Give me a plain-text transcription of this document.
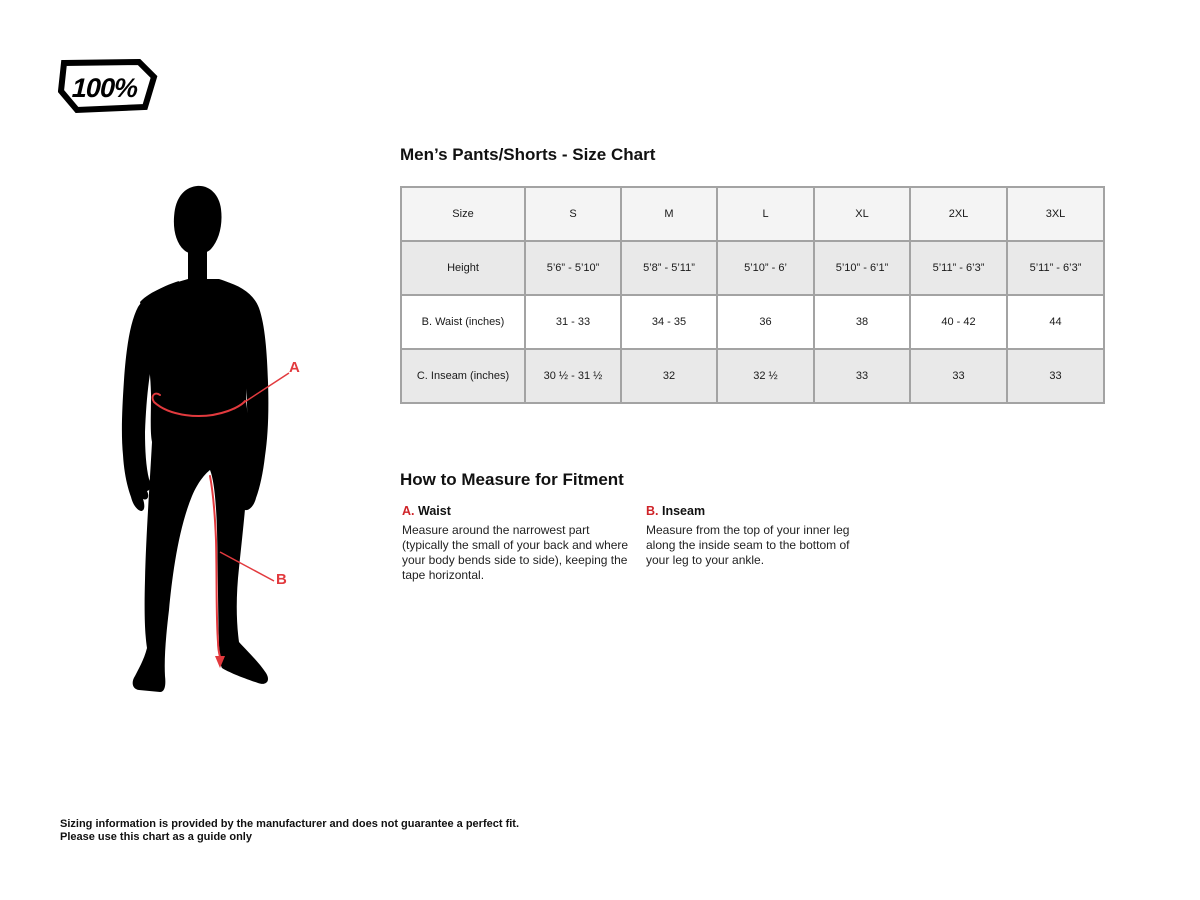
100%
Men’s Pants/Shorts - Size Chart
Size	S	M	L	XL	2XL	3XL
Height	5’6” - 5’10”	5’8” - 5’11”	5’10” - 6’	5’10” - 6’1”	5’11” - 6’3”	5’11” - 6’3”
B. Waist (inches)	31 - 33	34 - 35	36	38	40 - 42	44
C. Inseam (inches)	30 ½ - 31 ½	32	32 ½	33	33	33
A
B
How to Measure for Fitment
A. Waist

Measure around the narrowest part (typically the small of your back and where your body bends side to side), keeping the tape horizontal.

B. Inseam

Measure from the top of your inner leg along the inside seam to the bottom of your leg to your ankle.

Sizing information is provided by the manufacturer and does not guarantee a perfect fit.
Please use this chart as a guide only
